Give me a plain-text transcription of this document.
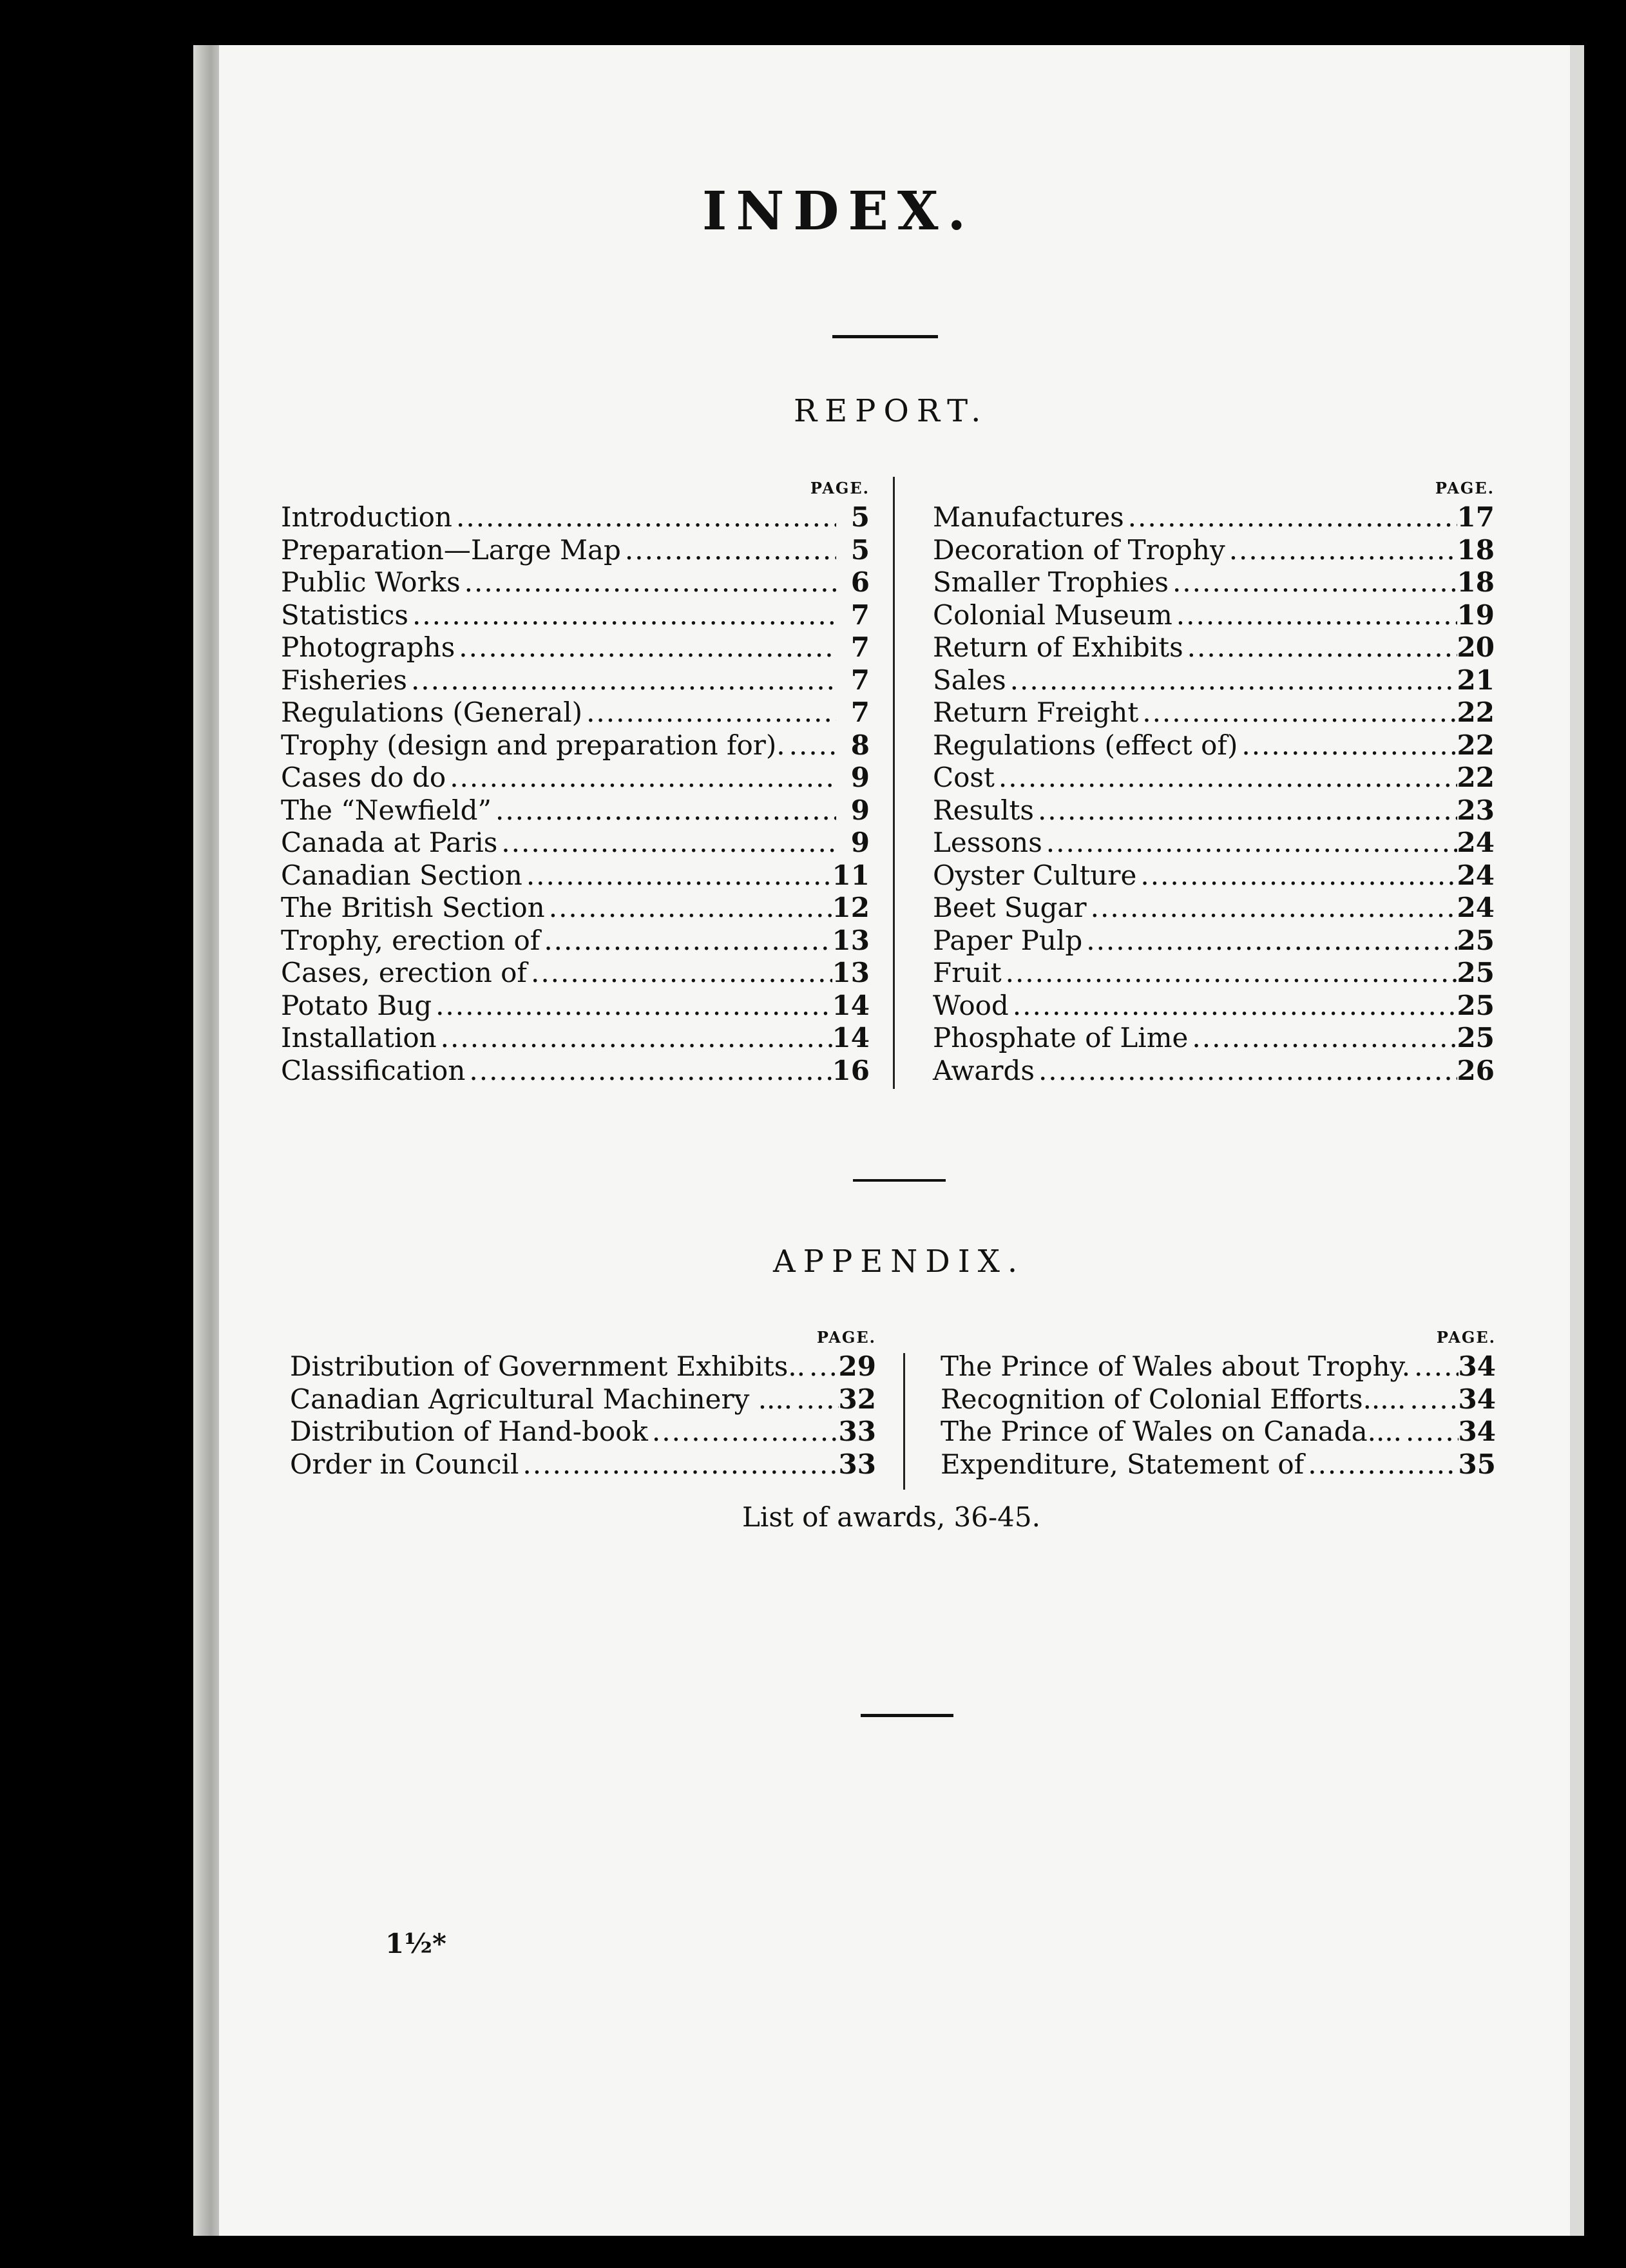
INDEX.
REPORT.
PAGE.
Introduction .....	5
Preparation—Large Map .....	5
Public Works .....	6
Statistics .....	7
Photographs .....	7
Fisheries .....	7
Regulations (General) .....	7
Trophy (design and preparation for). .....	8
Cases do do .....	9
The “Newfield” .....	9
Canada at Paris .....	9
Canadian Section .....	11
The British Section .....	12
Trophy, erection of .....	13
Cases, erection of .....	13
Potato Bug .....	14
Installation .....	14
Classification .....	16
PAGE.
Manufactures .....	17
Decoration of Trophy .....	18
Smaller Trophies .....	18
Colonial Museum .....	19
Return of Exhibits .....	20
Sales .....	21
Return Freight .....	22
Regulations (effect of) .....	22
Cost .....	22
Results .....	23
Lessons .....	24
Oyster Culture .....	24
Beet Sugar .....	24
Paper Pulp .....	25
Fruit .....	25
Wood .....	25
Phosphate of Lime .....	25
Awards .....	26
APPENDIX.
PAGE.
Distribution of Government Exhibits.. ..... 29
Canadian Agricultural Machinery .... ..... 32
Distribution of Hand-book .....	33
Order in Council .....	33
PAGE.
The Prince of Wales about Trophy. ..... 34
Recognition of Colonial Efforts..... ..... 34
The Prince of Wales on Canada.... ..... 34
Expenditure, Statement of .....	35
List of awards, 36-45.
1½*
